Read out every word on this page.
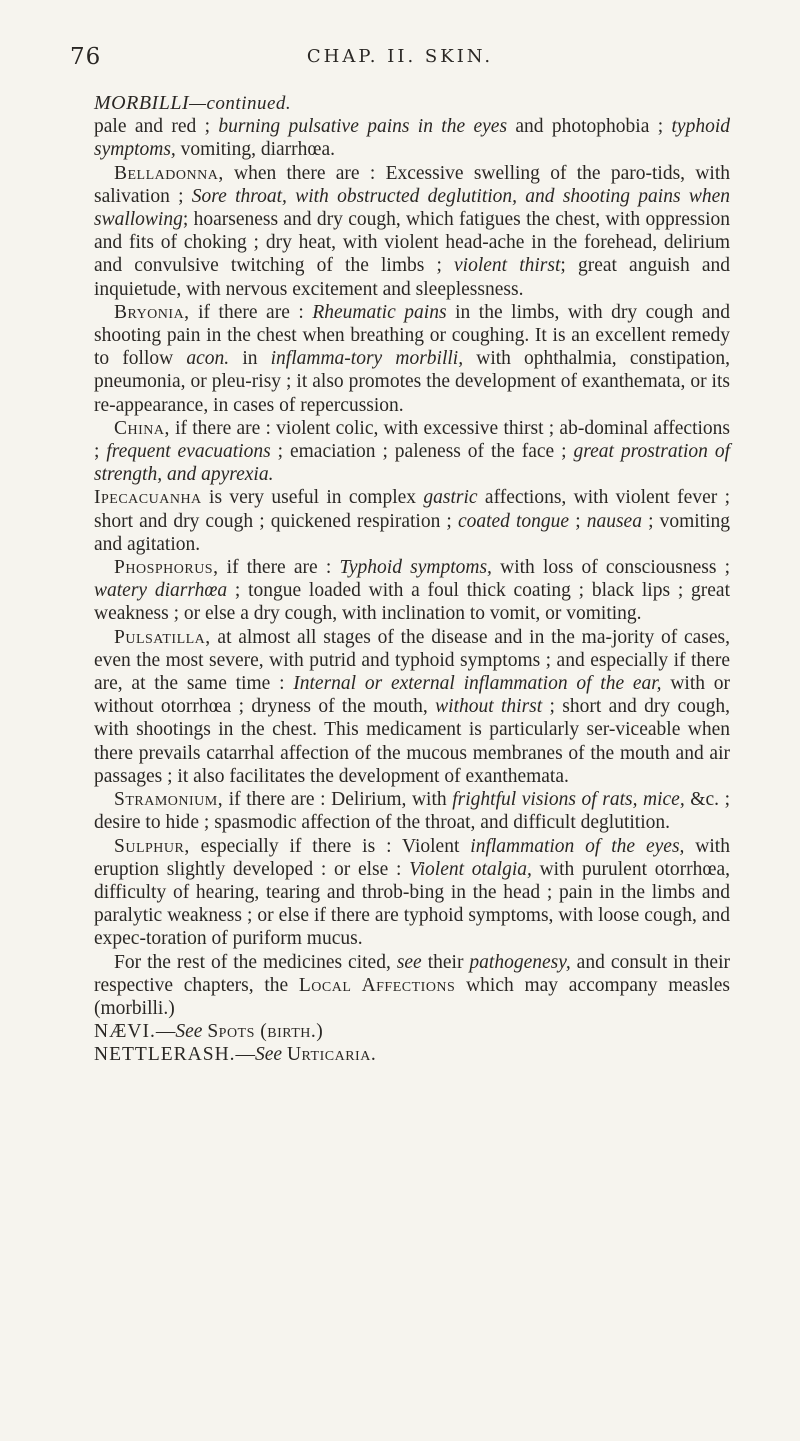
76	CHAP. II. SKIN.
MORBILLI—continued.

pale and red ; burning pulsative pains in the eyes and photophobia ; typhoid symptoms, vomiting, diarrhœa.

Belladonna, when there are : Excessive swelling of the paro-tids, with salivation ; Sore throat, with obstructed deglutition, and shooting pains when swallowing; hoarseness and dry cough, which fatigues the chest, with oppression and fits of choking ; dry heat, with violent head-ache in the forehead, delirium and convulsive twitching of the limbs ; violent thirst; great anguish and inquietude, with nervous excitement and sleeplessness.

Bryonia, if there are : Rheumatic pains in the limbs, with dry cough and shooting pain in the chest when breathing or coughing. It is an excellent remedy to follow acon. in inflamma-tory morbilli, with ophthalmia, constipation, pneumonia, or pleu-risy ; it also promotes the development of exanthemata, or its re-appearance, in cases of repercussion.

China, if there are : violent colic, with excessive thirst ; ab-dominal affections ; frequent evacuations ; emaciation ; paleness of the face ; great prostration of strength, and apyrexia.

Ipecacuanha is very useful in complex gastric affections, with violent fever ; short and dry cough ; quickened respiration ; coated tongue ; nausea ; vomiting and agitation.

Phosphorus, if there are : Typhoid symptoms, with loss of consciousness ; watery diarrhœa ; tongue loaded with a foul thick coating ; black lips ; great weakness ; or else a dry cough, with inclination to vomit, or vomiting.

Pulsatilla, at almost all stages of the disease and in the ma-jority of cases, even the most severe, with putrid and typhoid symptoms ; and especially if there are, at the same time : Internal or external inflammation of the ear, with or without otorrhœa ; dryness of the mouth, without thirst ; short and dry cough, with shootings in the chest. This medicament is particularly ser-viceable when there prevails catarrhal affection of the mucous membranes of the mouth and air passages ; it also facilitates the development of exanthemata.

Stramonium, if there are : Delirium, with frightful visions of rats, mice, &c. ; desire to hide ; spasmodic affection of the throat, and difficult deglutition.

Sulphur, especially if there is : Violent inflammation of the eyes, with eruption slightly developed : or else : Violent otalgia, with purulent otorrhœa, difficulty of hearing, tearing and throb-bing in the head ; pain in the limbs and paralytic weakness ; or else if there are typhoid symptoms, with loose cough, and expec-toration of puriform mucus.

For the rest of the medicines cited, see their pathogenesy, and consult in their respective chapters, the Local Affections which may accompany measles (morbilli.)

NÆVI.—See Spots (birth.)
NETTLERASH.—See Urticaria.
